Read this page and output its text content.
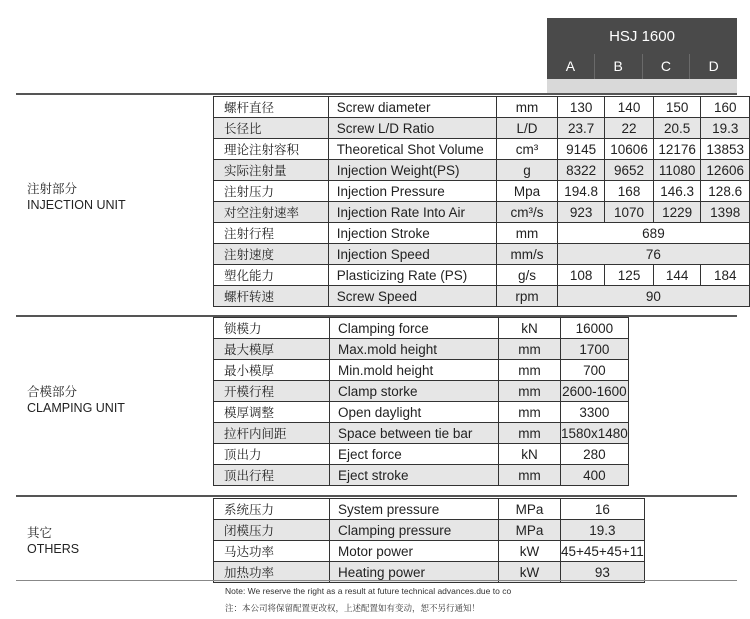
HSJ 1600
A	B	C	D
注射部分
INJECTION UNIT
螺杆直径	Screw diameter	mm	130	140	150	160
长径比	Screw L/D Ratio	L/D	23.7	22	20.5	19.3
理论注射容积	Theoretical Shot Volume	cm³	9145	10606	12176	13853
实际注射量	Injection Weight(PS)	g	8322	9652	11080	12606
注射压力	Injection Pressure	Mpa	194.8	168	146.3	128.6
对空注射速率	Injection Rate Into Air	cm³/s	923	1070	1229	1398
注射行程	Injection Stroke	mm	689			
注射速度	Injection Speed	mm/s	76			
塑化能力	Plasticizing Rate (PS)	g/s	108	125	144	184
螺杆转速	Screw Speed	rpm	90			
合模部分
CLAMPING UNIT
锁模力	Clamping force	kN	16000
最大模厚	Max.mold height	mm	1700
最小模厚	Min.mold height	mm	700
开模行程	Clamp storke	mm	2600-1600
模厚调整	Open daylight	mm	3300
拉杆内间距	Space between tie bar	mm	1580x1480
顶出力	Eject force	kN	280
顶出行程	Eject stroke	mm	400
其它
OTHERS
系统压力	System pressure	MPa	16
闭模压力	Clamping pressure	MPa	19.3
马达功率	Motor power	kW	45+45+45+11
加热功率	Heating power	kW	93
Note: We reserve the right as a result at future technical advances.due to co
注：本公司将保留配置更改权，上述配置如有变动，恕不另行通知！
